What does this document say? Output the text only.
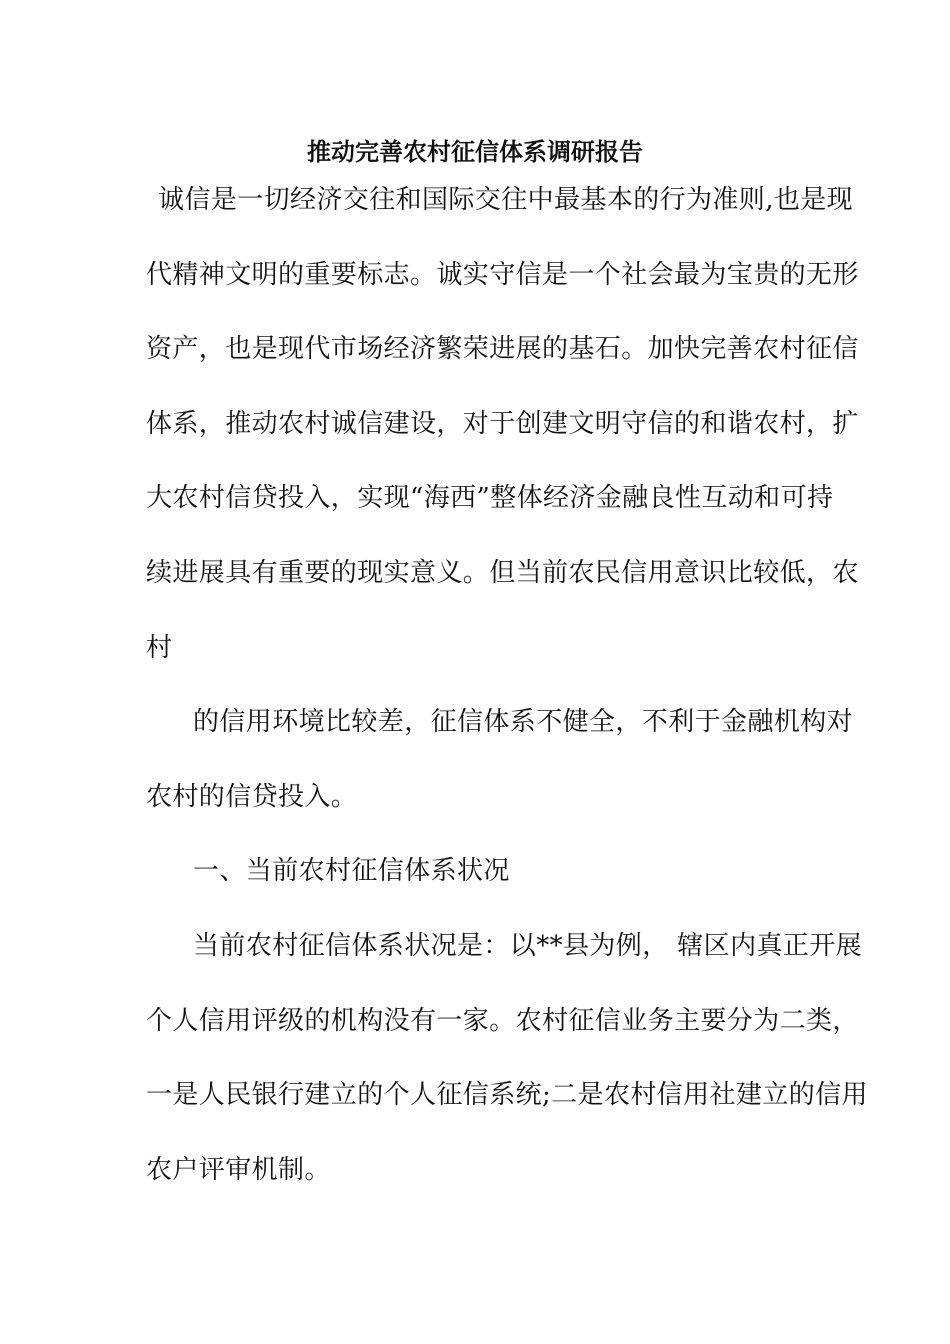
推动完善农村征信体系调研报告
诚信是一切经济交往和国际交往中最基本的行为准则,也是现
代精神文明的重要标志。诚实守信是一个社会最为宝贵的无形
资产，也是现代市场经济繁荣进展的基石。加快完善农村征信
体系，推动农村诚信建设，对于创建文明守信的和谐农村，扩
大农村信贷投入，实现“海西”整体经济金融良性互动和可持
续进展具有重要的现实意义。但当前农民信用意识比较低，农
村
的信用环境比较差，征信体系不健全，不利于金融机构对
农村的信贷投入。
一、当前农村征信体系状况
当前农村征信体系状况是：以**县为例， 辖区内真正开展
个人信用评级的机构没有一家。农村征信业务主要分为二类，
一是人民银行建立的个人征信系统;二是农村信用社建立的信用
农户评审机制。
